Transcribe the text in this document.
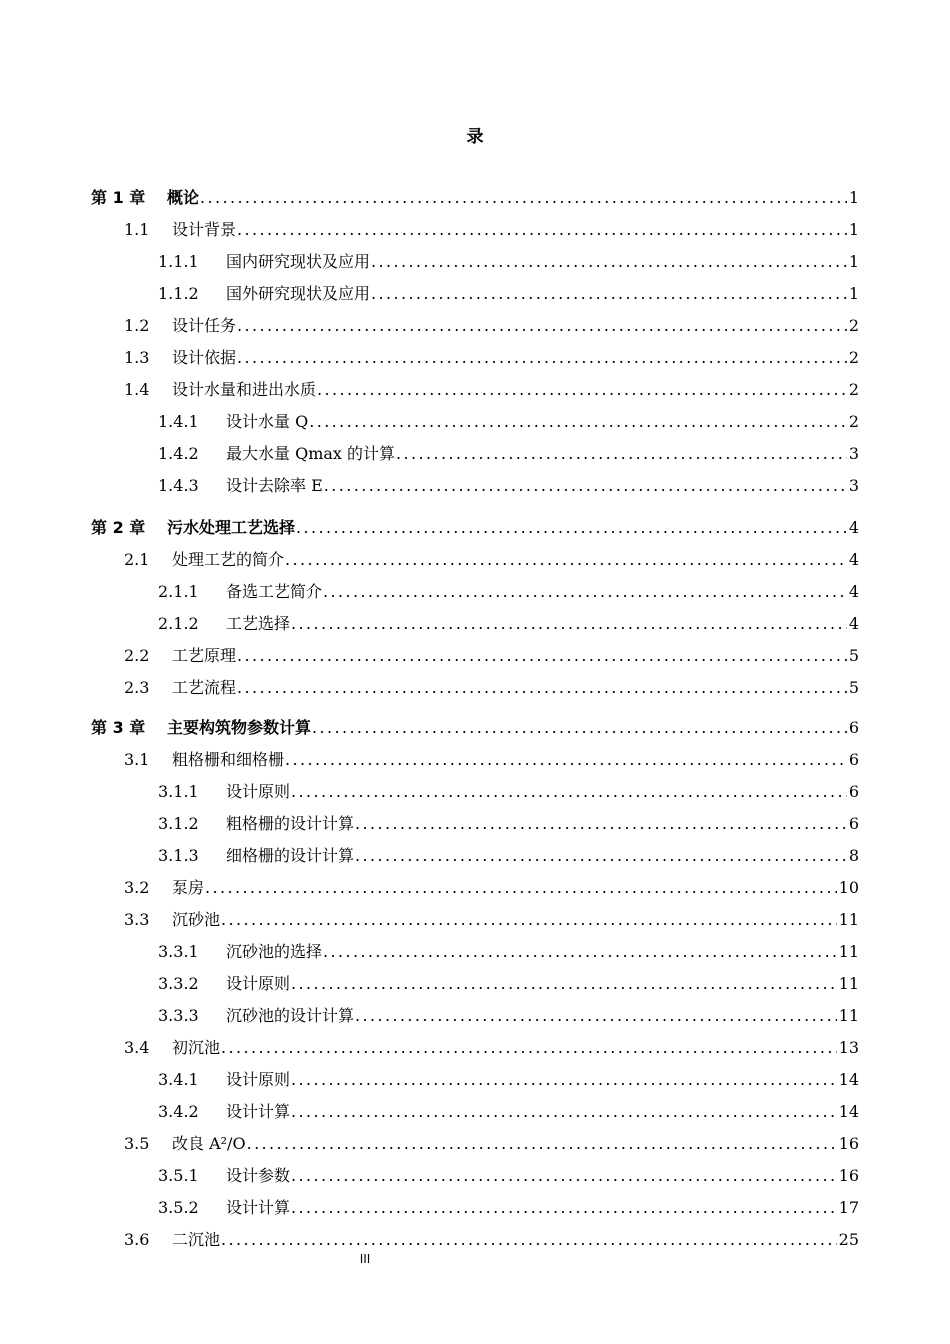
录
第 1 章	概论 .....	1
1.1	设计背景 .....	1
1.1.1	国内研究现状及应用 .....	1
1.1.2	国外研究现状及应用 .....	1
1.2	设计任务 .....	2
1.3	设计依据 .....	2
1.4	设计水量和进出水质 .....	2
1.4.1	设计水量 Q .....	2
1.4.2	最大水量 Qmax 的计算 .....	3
1.4.3	设计去除率 E .....	3
第 2 章	污水处理工艺选择 .....	4
2.1	处理工艺的简介 .....	4
2.1.1	备选工艺简介 .....	4
2.1.2	工艺选择 .....	4
2.2	工艺原理 .....	5
2.3	工艺流程 .....	5
第 3 章	主要构筑物参数计算 .....	6
3.1	粗格栅和细格栅 .....	6
3.1.1	设计原则 .....	6
3.1.2	粗格栅的设计计算 .....	6
3.1.3	细格栅的设计计算 .....	8
3.2	泵房 .....	10
3.3	沉砂池 .....	11
3.3.1	沉砂池的选择 .....	11
3.3.2	设计原则 .....	11
3.3.3	沉砂池的设计计算 .....	11
3.4	初沉池 .....	13
3.4.1	设计原则 .....	14
3.4.2	设计计算 .....	14
3.5	改良 A²/O .....	16
3.5.1	设计参数 .....	16
3.5.2	设计计算 .....	17
3.6	二沉池 .....	25
III
